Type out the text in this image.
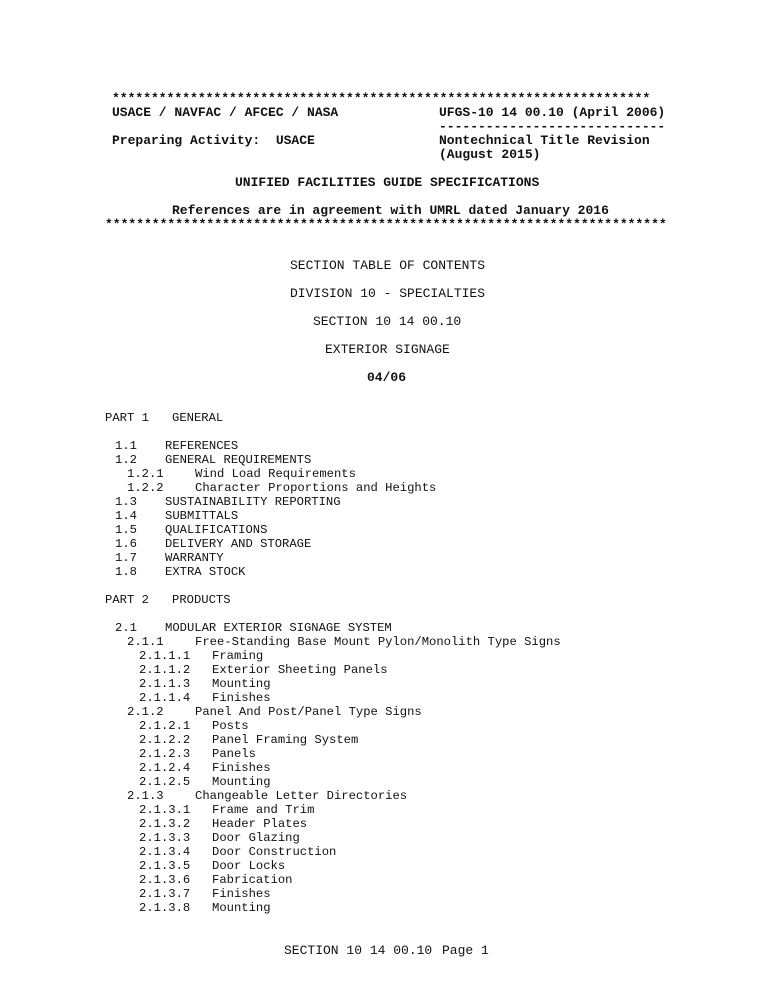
*********************************************************************
USACE / NAVFAC / AFCEC / NASA	UFGS-10 14 00.10 (April 2006)
-----------------------------
Preparing Activity:  USACE	Nontechnical Title Revision
(August 2015)
UNIFIED FACILITIES GUIDE SPECIFICATIONS
References are in agreement with UMRL dated January 2016
************************************************************************
SECTION TABLE OF CONTENTS
DIVISION 10 - SPECIALTIES
SECTION 10 14 00.10
EXTERIOR SIGNAGE
04/06
PART 1 GENERAL
1.1 REFERENCES
1.2 GENERAL REQUIREMENTS
1.2.1	Wind Load Requirements
1.2.2	Character Proportions and Heights
1.3 SUSTAINABILITY REPORTING
1.4 SUBMITTALS
1.5 QUALIFICATIONS
1.6 DELIVERY AND STORAGE
1.7 WARRANTY
1.8 EXTRA STOCK
PART 2 PRODUCTS
2.1 MODULAR EXTERIOR SIGNAGE SYSTEM
2.1.1	Free-Standing Base Mount Pylon/Monolith Type Signs
2.1.1.1 Framing
2.1.1.2 Exterior Sheeting Panels
2.1.1.3 Mounting
2.1.1.4 Finishes
2.1.2	Panel And Post/Panel Type Signs
2.1.2.1 Posts
2.1.2.2 Panel Framing System
2.1.2.3 Panels
2.1.2.4 Finishes
2.1.2.5 Mounting
2.1.3	Changeable Letter Directories
2.1.3.1 Frame and Trim
2.1.3.2 Header Plates
2.1.3.3 Door Glazing
2.1.3.4 Door Construction
2.1.3.5 Door Locks
2.1.3.6 Fabrication
2.1.3.7 Finishes
2.1.3.8 Mounting
SECTION 10 14 00.10 Page 1
